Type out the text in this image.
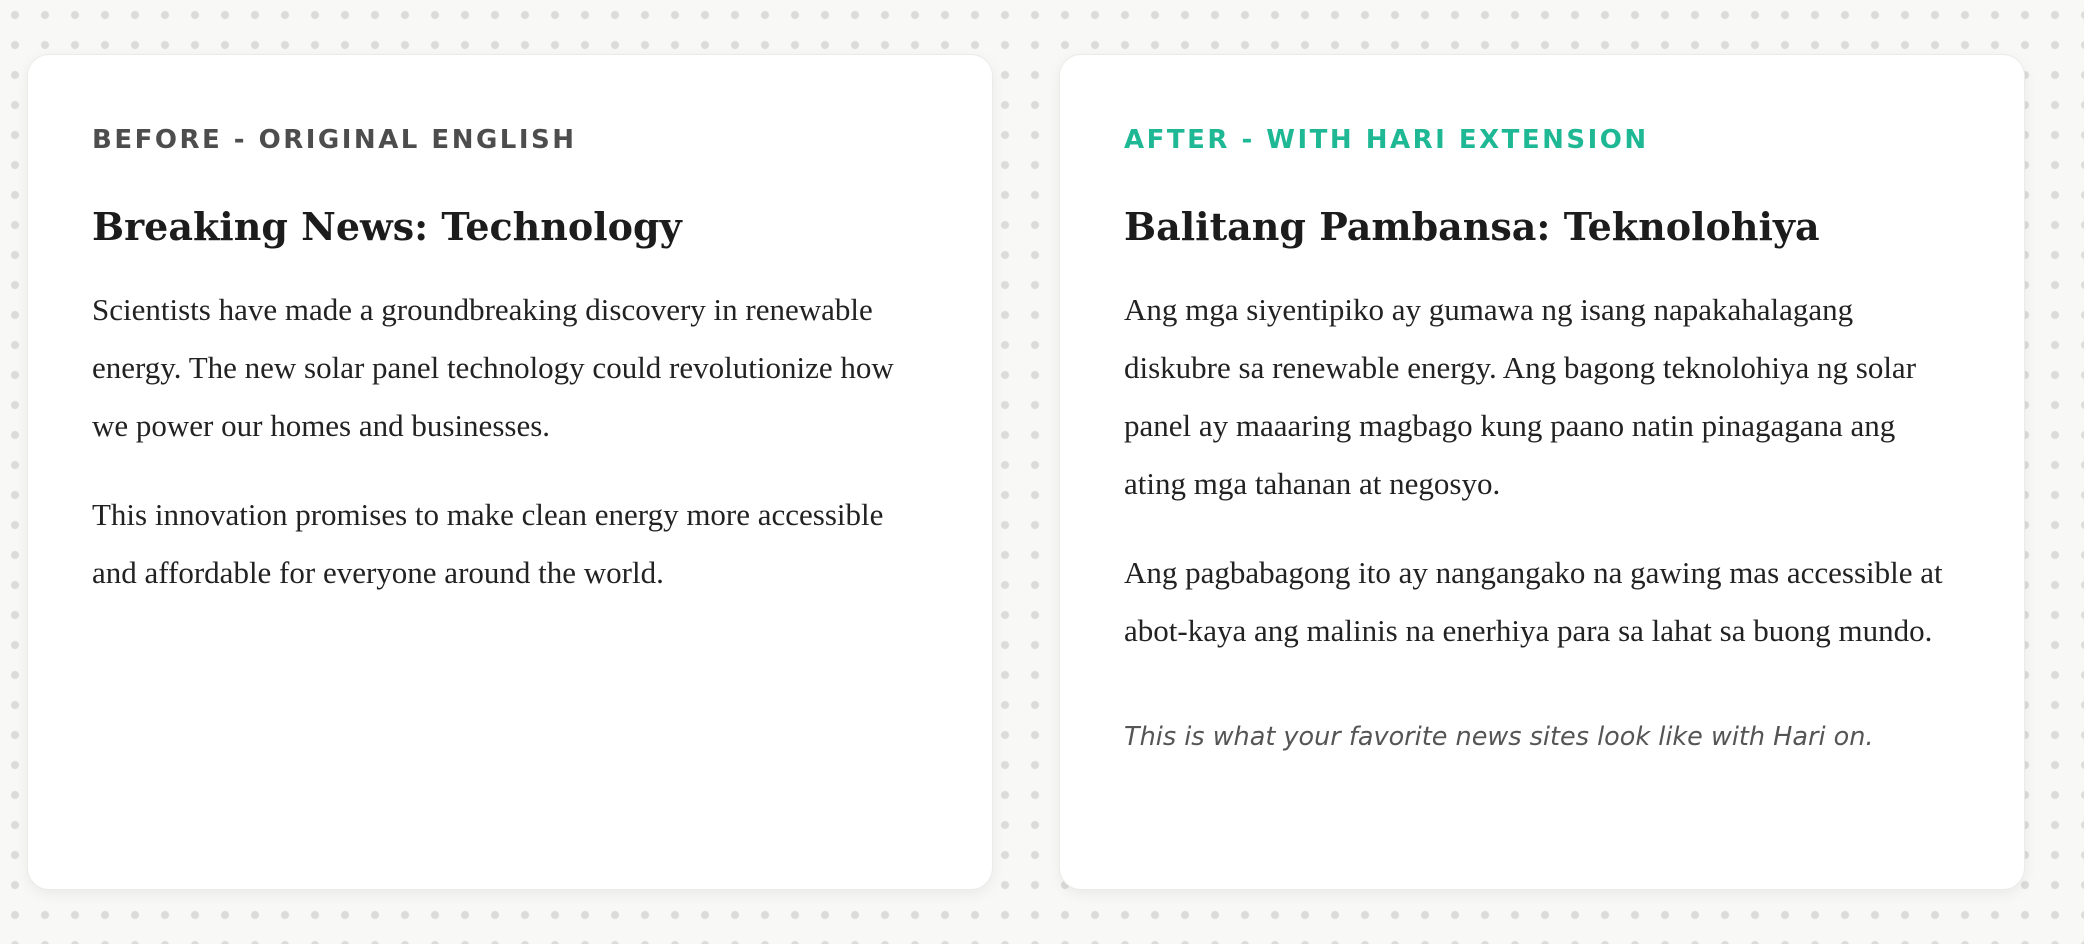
BEFORE - ORIGINAL ENGLISH

Breaking News: Technology

Scientists have made a groundbreaking discovery in renewable energy. The new solar panel technology could revolutionize how we power our homes and businesses.

This innovation promises to make clean energy more accessible and affordable for everyone around the world.

AFTER - WITH HARI EXTENSION

Balitang Pambansa: Teknolohiya

Ang mga siyentipiko ay gumawa ng isang napakahalagang diskubre sa renewable energy. Ang bagong teknolohiya ng solar panel ay maaaring magbago kung paano natin pinagagana ang ating mga tahanan at negosyo.

Ang pagbabagong ito ay nangangako na gawing mas accessible at abot-kaya ang malinis na enerhiya para sa lahat sa buong mundo.

This is what your favorite news sites look like with Hari on.
